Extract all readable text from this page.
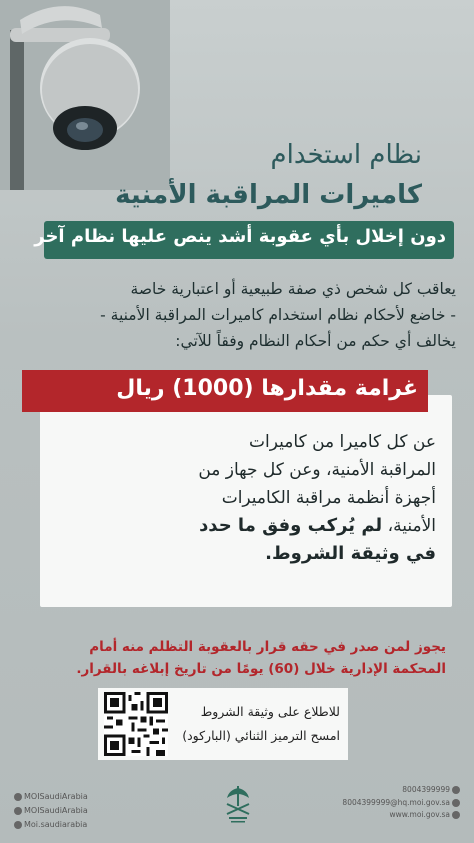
نظام استخدام
كاميرات المراقبة الأمنية
دون إخلال بأي عقوبة أشد ينص عليها نظام آخر
يعاقب كل شخص ذي صفة طبيعية أو اعتبارية خاصة
- خاضع لأحكام نظام استخدام كاميرات المراقبة الأمنية -
يخالف أي حكم من أحكام النظام وفقاً للآتي:
غرامة مقدارها (1000) ريال
عن كل كاميرا من كاميرات
المراقبة الأمنية، وعن كل جهاز من
أجهزة أنظمة مراقبة الكاميرات
الأمنية، لم يُركب وفق ما حدد
في وثيقة الشروط.
يجوز لمن صدر في حقه قرار بالعقوبة التظلم منه أمام
المحكمة الإدارية خلال (60) يومًا من تاريخ إبلاغه بالقرار.
للاطلاع على وثيقة الشروط
امسح الترميز الثنائي (الباركود)
MOISaudiArabia
MOISaudiArabia
Moi.saudiarabia
8004399999
8004399999@hq.moi.gov.sa
www.moi.gov.sa
